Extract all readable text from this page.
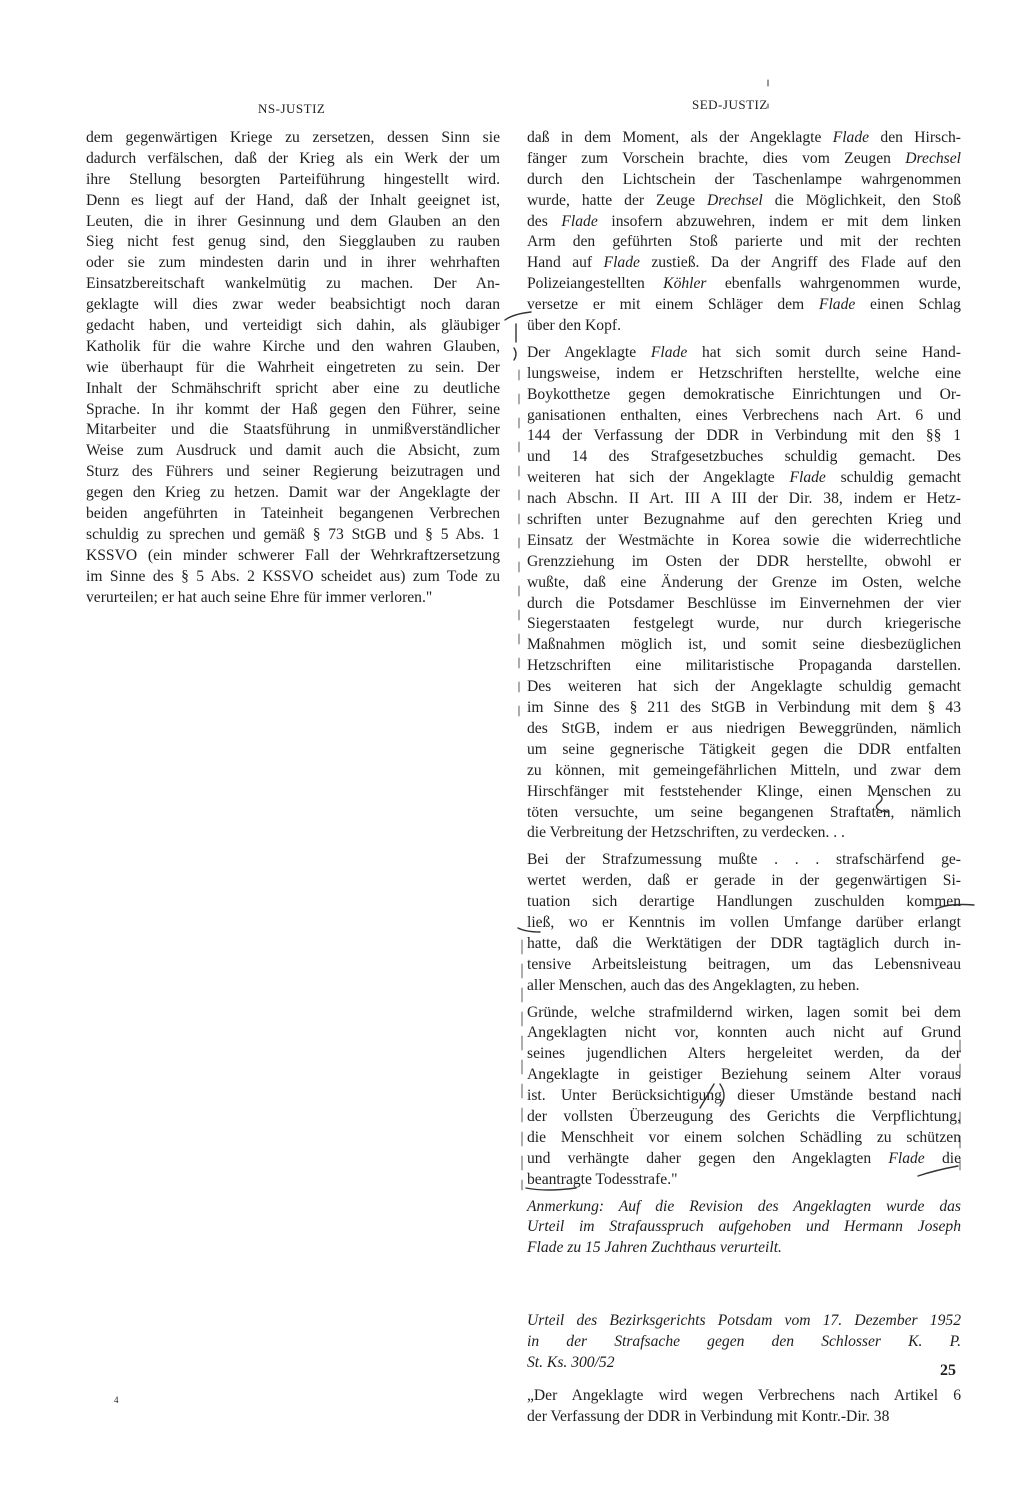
NS-JUSTIZ	SED-JUSTIZ
dem gegenwärtigen Kriege zu zersetzen, dessen Sinn sie
dadurch verfälschen, daß der Krieg als ein Werk der um
ihre Stellung besorgten Parteiführung hingestellt wird.
Denn es liegt auf der Hand, daß der Inhalt geeignet ist,
Leuten, die in ihrer Gesinnung und dem Glauben an den
Sieg nicht fest genug sind, den Siegglauben zu rauben
oder sie zum mindesten darin und in ihrer wehrhaften
Einsatzbereitschaft wankelmütig zu machen. Der An-
geklagte will dies zwar weder beabsichtigt noch daran
gedacht haben, und verteidigt sich dahin, als gläubiger
Katholik für die wahre Kirche und den wahren Glauben,
wie überhaupt für die Wahrheit eingetreten zu sein. Der
Inhalt der Schmähschrift spricht aber eine zu deutliche
Sprache. In ihr kommt der Haß gegen den Führer, seine
Mitarbeiter und die Staatsführung in unmißverständlicher
Weise zum Ausdruck und damit auch die Absicht, zum
Sturz des Führers und seiner Regierung beizutragen und
gegen den Krieg zu hetzen. Damit war der Angeklagte der
beiden angeführten in Tateinheit begangenen Verbrechen
schuldig zu sprechen und gemäß § 73 StGB und § 5 Abs. 1
KSSVO (ein minder schwerer Fall der Wehrkraftzersetzung
im Sinne des § 5 Abs. 2 KSSVO scheidet aus) zum Tode zu
verurteilen; er hat auch seine Ehre für immer verloren."
daß in dem Moment, als der Angeklagte Flade den Hirsch-
fänger zum Vorschein brachte, dies vom Zeugen Drechsel
durch den Lichtschein der Taschenlampe wahrgenommen
wurde, hatte der Zeuge Drechsel die Möglichkeit, den Stoß
des Flade insofern abzuwehren, indem er mit dem linken
Arm den geführten Stoß parierte und mit der rechten
Hand auf Flade zustieß. Da der Angriff des Flade auf den
Polizeiangestellten Köhler ebenfalls wahrgenommen wurde,
versetze er mit einem Schläger dem Flade einen Schlag
über den Kopf.
Der Angeklagte Flade hat sich somit durch seine Hand-
lungsweise, indem er Hetzschriften herstellte, welche eine
Boykotthetze gegen demokratische Einrichtungen und Or-
ganisationen enthalten, eines Verbrechens nach Art. 6 und
144 der Verfassung der DDR in Verbindung mit den §§ 1
und 14 des Strafgesetzbuches schuldig gemacht. Des
weiteren hat sich der Angeklagte Flade schuldig gemacht
nach Abschn. II Art. III A III der Dir. 38, indem er Hetz-
schriften unter Bezugnahme auf den gerechten Krieg und
Einsatz der Westmächte in Korea sowie die widerrechtliche
Grenzziehung im Osten der DDR herstellte, obwohl er
wußte, daß eine Änderung der Grenze im Osten, welche
durch die Potsdamer Beschlüsse im Einvernehmen der vier
Siegerstaaten festgelegt wurde, nur durch kriegerische
Maßnahmen möglich ist, und somit seine diesbezüglichen
Hetzschriften eine militaristische Propaganda darstellen.
Des weiteren hat sich der Angeklagte schuldig gemacht
im Sinne des § 211 des StGB in Verbindung mit dem § 43
des StGB, indem er aus niedrigen Beweggründen, nämlich
um seine gegnerische Tätigkeit gegen die DDR entfalten
zu können, mit gemeingefährlichen Mitteln, und zwar dem
Hirschfänger mit feststehender Klinge, einen Menschen zu
töten versuchte, um seine begangenen Straftaten, nämlich
die Verbreitung der Hetzschriften, zu verdecken. . .
Bei der Strafzumessung mußte . . . strafschärfend ge-
wertet werden, daß er gerade in der gegenwärtigen Si-
tuation sich derartige Handlungen zuschulden kommen
ließ, wo er Kenntnis im vollen Umfange darüber erlangt
hatte, daß die Werktätigen der DDR tagtäglich durch in-
tensive Arbeitsleistung beitragen, um das Lebensniveau
aller Menschen, auch das des Angeklagten, zu heben.
Gründe, welche strafmildernd wirken, lagen somit bei dem
Angeklagten nicht vor, konnten auch nicht auf Grund
seines jugendlichen Alters hergeleitet werden, da der
Angeklagte in geistiger Beziehung seinem Alter voraus
ist. Unter Berücksichtigung dieser Umstände bestand nach
der vollsten Überzeugung des Gerichts die Verpflichtung,
die Menschheit vor einem solchen Schädling zu schützen
und verhängte daher gegen den Angeklagten Flade die
beantragte Todesstrafe."
Anmerkung: Auf die Revision des Angeklagten wurde das
Urteil im Strafausspruch aufgehoben und Hermann Joseph
Flade zu 15 Jahren Zuchthaus verurteilt.
Urteil des Bezirksgerichts Potsdam vom 17. Dezember 1952
in der Strafsache gegen den Schlosser K. P.
St. Ks. 300/52
„Der Angeklagte wird wegen Verbrechens nach Artikel 6
der Verfassung der DDR in Verbindung mit Kontr.-Dir. 38
25
4
